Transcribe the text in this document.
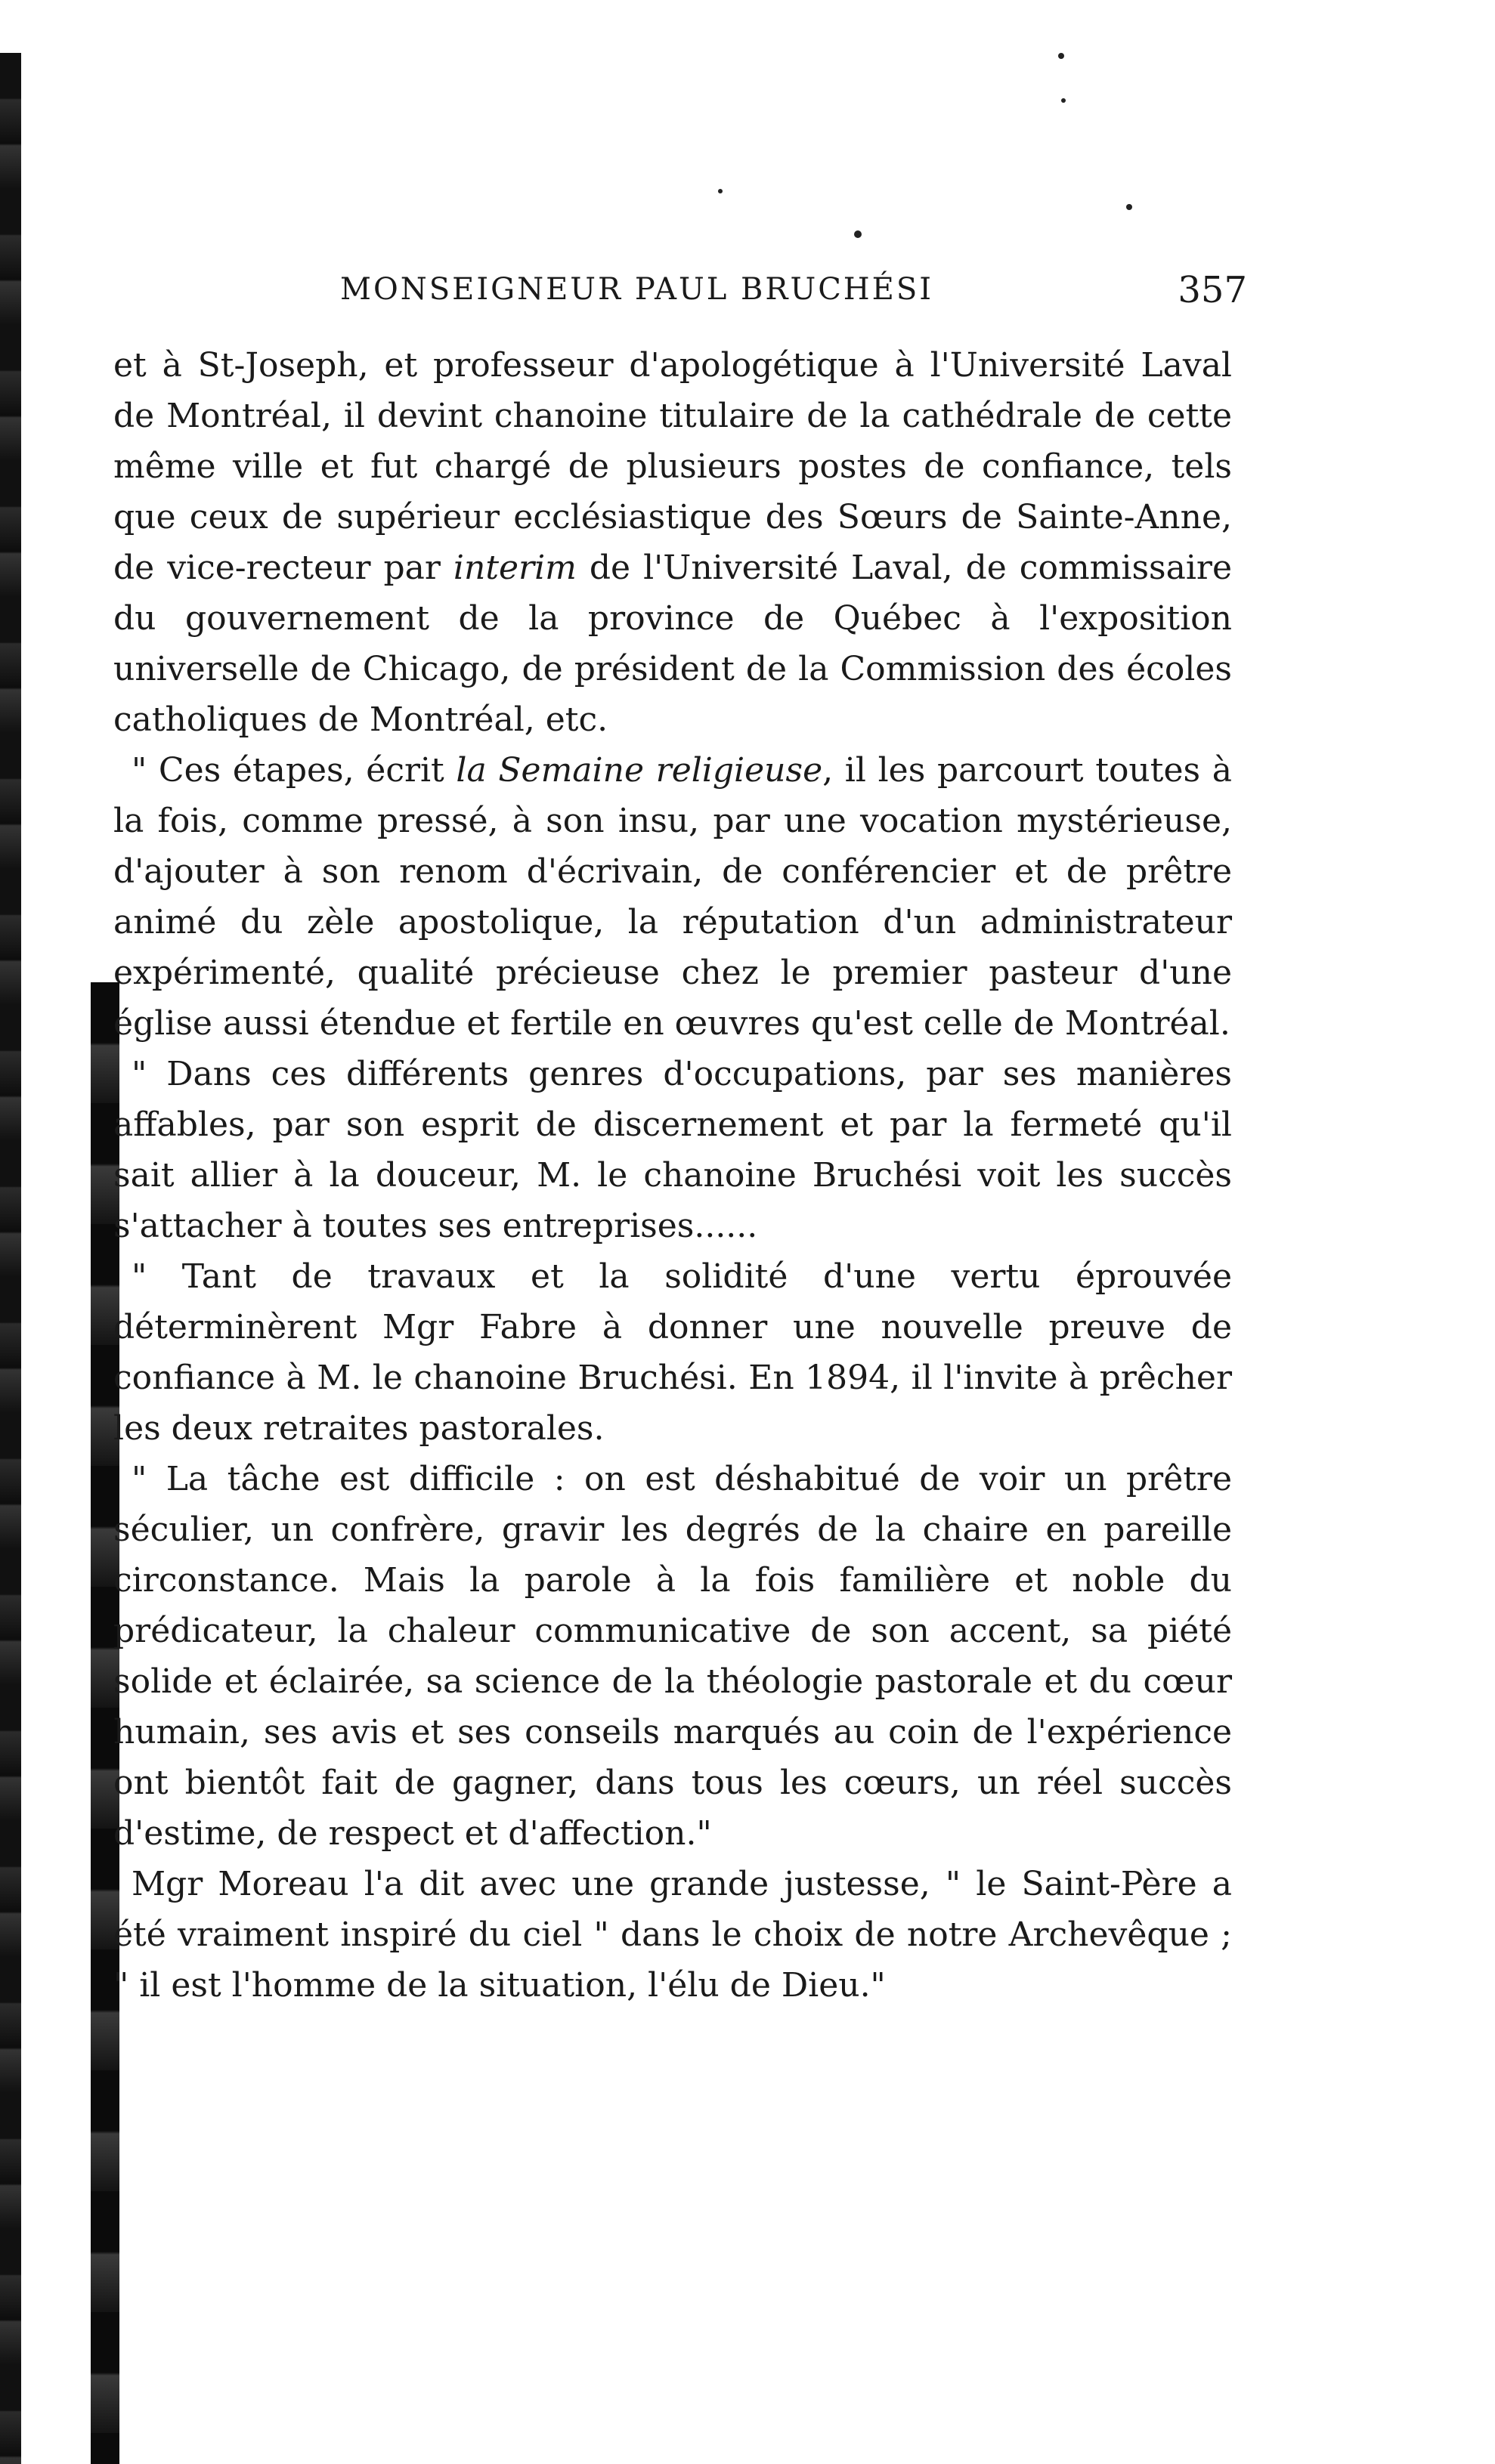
MONSEIGNEUR PAUL BRUCHÉSI	357

et à St-Joseph, et professeur d'apologétique à l'Université Laval de Montréal, il devint chanoine titulaire de la cathédrale de cette même ville et fut chargé de plusieurs postes de confiance, tels que ceux de supérieur ecclésiastique des Sœurs de Sainte-Anne, de vice-recteur par interim de l'Université Laval, de commissaire du gouvernement de la province de Québec à l'exposition universelle de Chicago, de président de la Commission des écoles catholiques de Montréal, etc.

" Ces étapes, écrit la Semaine religieuse, il les parcourt toutes à la fois, comme pressé, à son insu, par une vocation mystérieuse, d'ajouter à son renom d'écrivain, de conférencier et de prêtre animé du zèle apostolique, la réputation d'un administrateur expérimenté, qualité précieuse chez le premier pasteur d'une église aussi étendue et fertile en œuvres qu'est celle de Montréal.

" Dans ces différents genres d'occupations, par ses manières affables, par son esprit de discernement et par la fermeté qu'il sait allier à la douceur, M. le chanoine Bruchési voit les succès s'attacher à toutes ses entreprises......

" Tant de travaux et la solidité d'une vertu éprouvée déterminèrent Mgr Fabre à donner une nouvelle preuve de confiance à M. le chanoine Bruchési. En 1894, il l'invite à prêcher les deux retraites pastorales.

" La tâche est difficile : on est déshabitué de voir un prêtre séculier, un confrère, gravir les degrés de la chaire en pareille circonstance. Mais la parole à la fois familière et noble du prédicateur, la chaleur communicative de son accent, sa piété solide et éclairée, sa science de la théologie pastorale et du cœur humain, ses avis et ses conseils marqués au coin de l'expérience ont bientôt fait de gagner, dans tous les cœurs, un réel succès d'estime, de respect et d'affection."

Mgr Moreau l'a dit avec une grande justesse, " le Saint-Père a été vraiment inspiré du ciel " dans le choix de notre Archevêque ; " il est l'homme de la situation, l'élu de Dieu."
